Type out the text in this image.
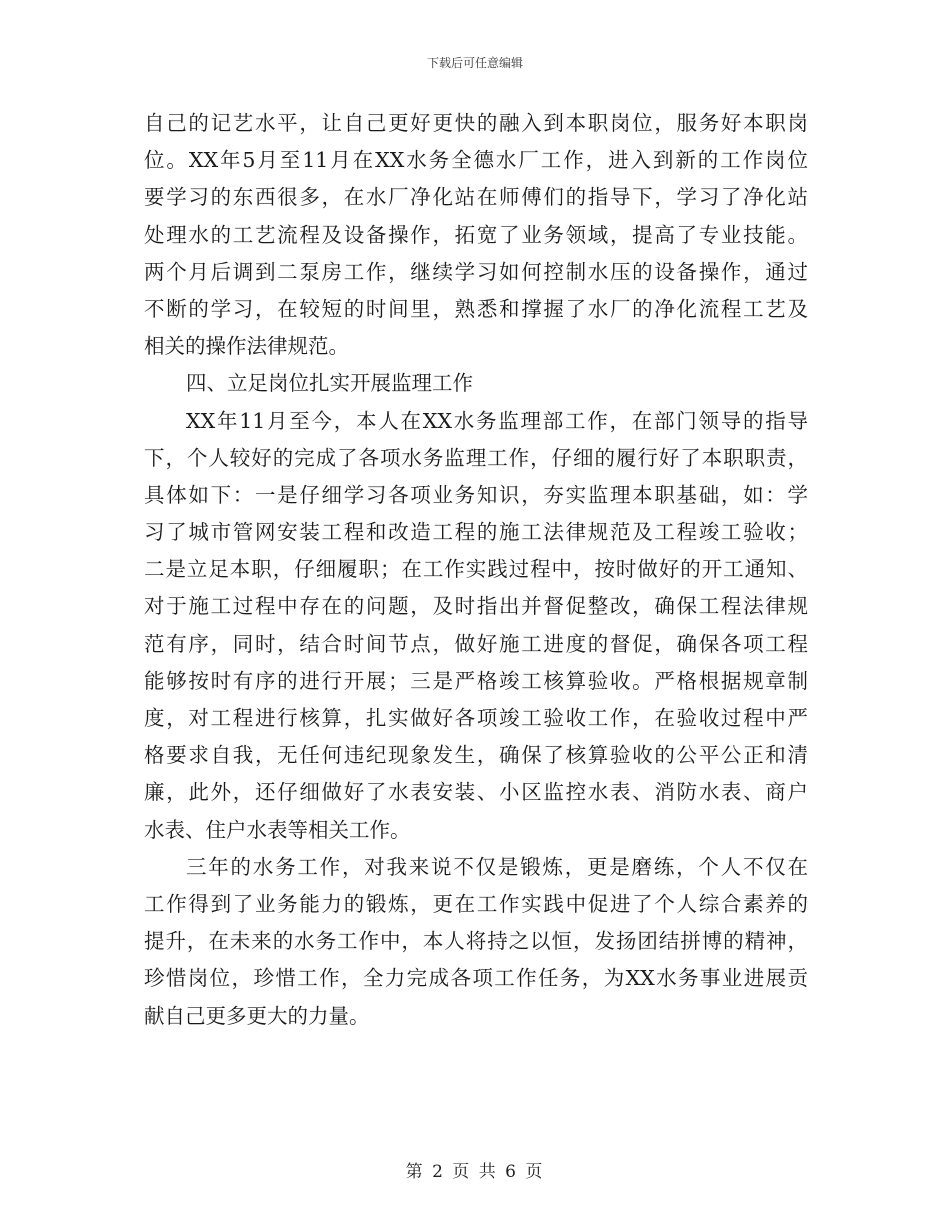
下载后可任意编辑
自己的记艺水平，让自己更好更快的融入到本职岗位，服务好本职岗
位。XX年5月至11月在XX水务全德水厂工作，进入到新的工作岗位
要学习的东西很多，在水厂净化站在师傅们的指导下，学习了净化站
处理水的工艺流程及设备操作，拓宽了业务领域，提高了专业技能。
两个月后调到二泵房工作，继续学习如何控制水压的设备操作，通过
不断的学习，在较短的时间里，熟悉和撑握了水厂的净化流程工艺及
相关的操作法律规范。
四、立足岗位扎实开展监理工作
XX年11月至今，本人在XX水务监理部工作，在部门领导的指导
下，个人较好的完成了各项水务监理工作，仔细的履行好了本职职责，
具体如下：一是仔细学习各项业务知识，夯实监理本职基础，如：学
习了城市管网安装工程和改造工程的施工法律规范及工程竣工验收；
二是立足本职，仔细履职；在工作实践过程中，按时做好的开工通知、
对于施工过程中存在的问题，及时指出并督促整改，确保工程法律规
范有序，同时，结合时间节点，做好施工进度的督促，确保各项工程
能够按时有序的进行开展；三是严格竣工核算验收。严格根据规章制
度，对工程进行核算，扎实做好各项竣工验收工作，在验收过程中严
格要求自我，无任何违纪现象发生，确保了核算验收的公平公正和清
廉，此外，还仔细做好了水表安装、小区监控水表、消防水表、商户
水表、住户水表等相关工作。
三年的水务工作，对我来说不仅是锻炼，更是磨练，个人不仅在
工作得到了业务能力的锻炼，更在工作实践中促进了个人综合素养的
提升，在未来的水务工作中，本人将持之以恒，发扬团结拼博的精神，
珍惜岗位，珍惜工作，全力完成各项工作任务，为XX水务事业进展贡
献自己更多更大的力量。
第 2 页 共 6 页
